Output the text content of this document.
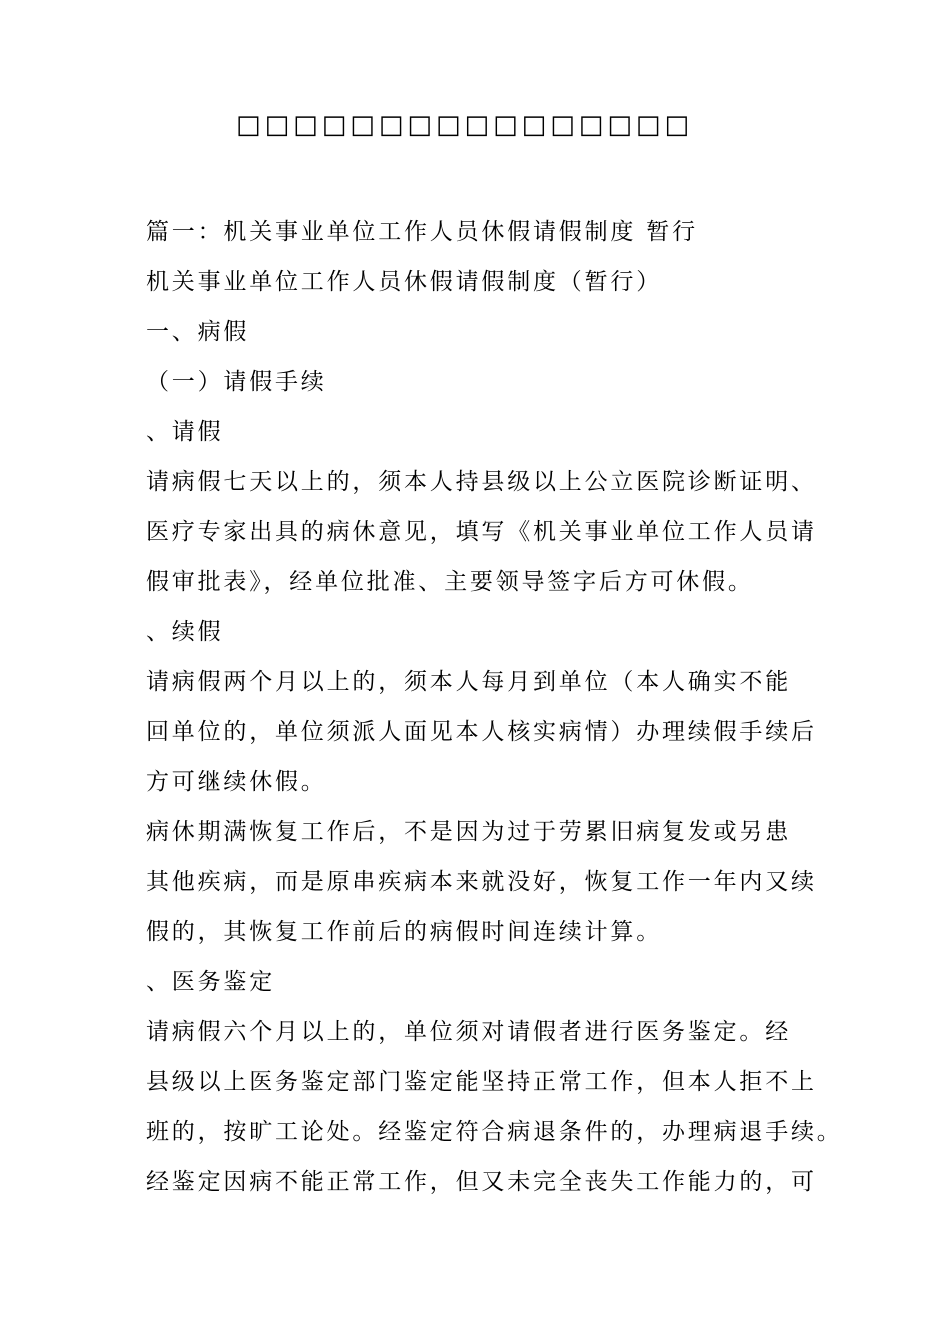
□□□□□□□□□□□□□□□□
篇一：机关事业单位工作人员休假请假制度 暂行
机关事业单位工作人员休假请假制度（暂行）
一、病假
（一）请假手续
、请假
请病假七天以上的，须本人持县级以上公立医院诊断证明、
医疗专家出具的病休意见，填写《机关事业单位工作人员请
假审批表》，经单位批准、主要领导签字后方可休假。
、续假
请病假两个月以上的，须本人每月到单位（本人确实不能
回单位的，单位须派人面见本人核实病情）办理续假手续后
方可继续休假。
病休期满恢复工作后，不是因为过于劳累旧病复发或另患
其他疾病，而是原串疾病本来就没好，恢复工作一年内又续
假的，其恢复工作前后的病假时间连续计算。
、医务鉴定
请病假六个月以上的，单位须对请假者进行医务鉴定。经
县级以上医务鉴定部门鉴定能坚持正常工作，但本人拒不上
班的，按旷工论处。经鉴定符合病退条件的，办理病退手续。
经鉴定因病不能正常工作，但又未完全丧失工作能力的，可
